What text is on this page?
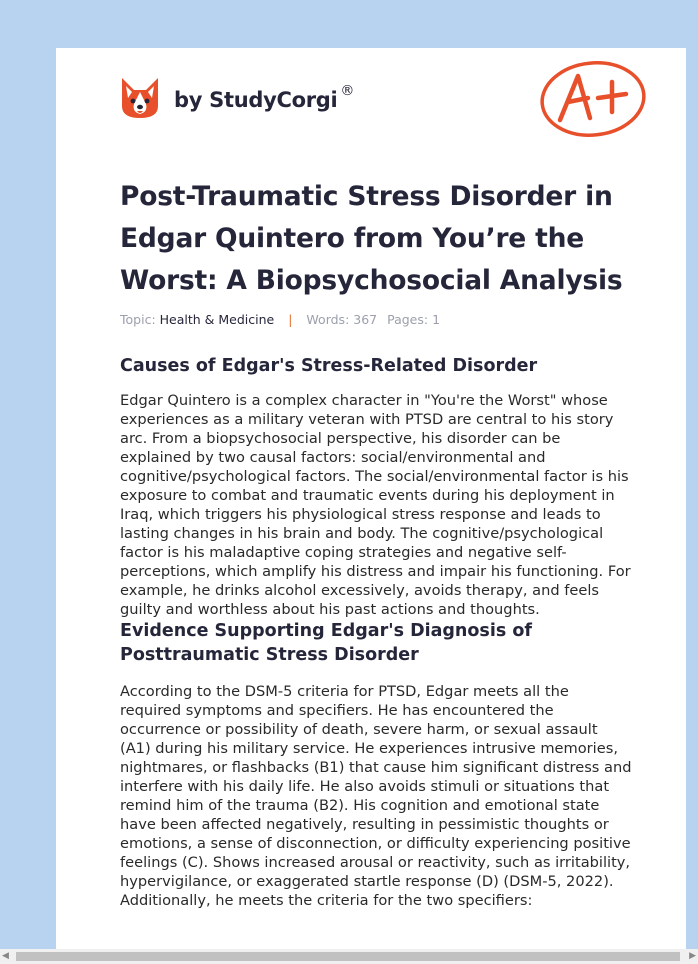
by StudyCorgi ®
Post-Traumatic Stress Disorder in Edgar Quintero from You’re the Worst: A Biopsychosocial Analysis
Topic: Health & Medicine | Words: 367 Pages: 1
Causes of Edgar's Stress-Related Disorder

Edgar Quintero is a complex character in "You're the Worst" whose experiences as a military veteran with PTSD are central to his story arc. From a biopsychosocial perspective, his disorder can be explained by two causal factors: social/environmental and cognitive/psychological factors. The social/environmental factor is his exposure to combat and traumatic events during his deployment in Iraq, which triggers his physiological stress response and leads to lasting changes in his brain and body. The cognitive/psychological factor is his maladaptive coping strategies and negative self-perceptions, which amplify his distress and impair his functioning. For example, he drinks alcohol excessively, avoids therapy, and feels guilty and worthless about his past actions and thoughts.

Evidence Supporting Edgar's Diagnosis of Posttraumatic Stress Disorder

According to the DSM-5 criteria for PTSD, Edgar meets all the required symptoms and specifiers. He has encountered the occurrence or possibility of death, severe harm, or sexual assault (A1) during his military service. He experiences intrusive memories, nightmares, or flashbacks (B1) that cause him significant distress and interfere with his daily life. He also avoids stimuli or situations that remind him of the trauma (B2). His cognition and emotional state have been affected negatively, resulting in pessimistic thoughts or emotions, a sense of disconnection, or difficulty experiencing positive feelings (C). Shows increased arousal or reactivity, such as irritability, hypervigilance, or exaggerated startle response (D) (DSM-5, 2022). Additionally, he meets the criteria for the two specifiers:

◀	▶
